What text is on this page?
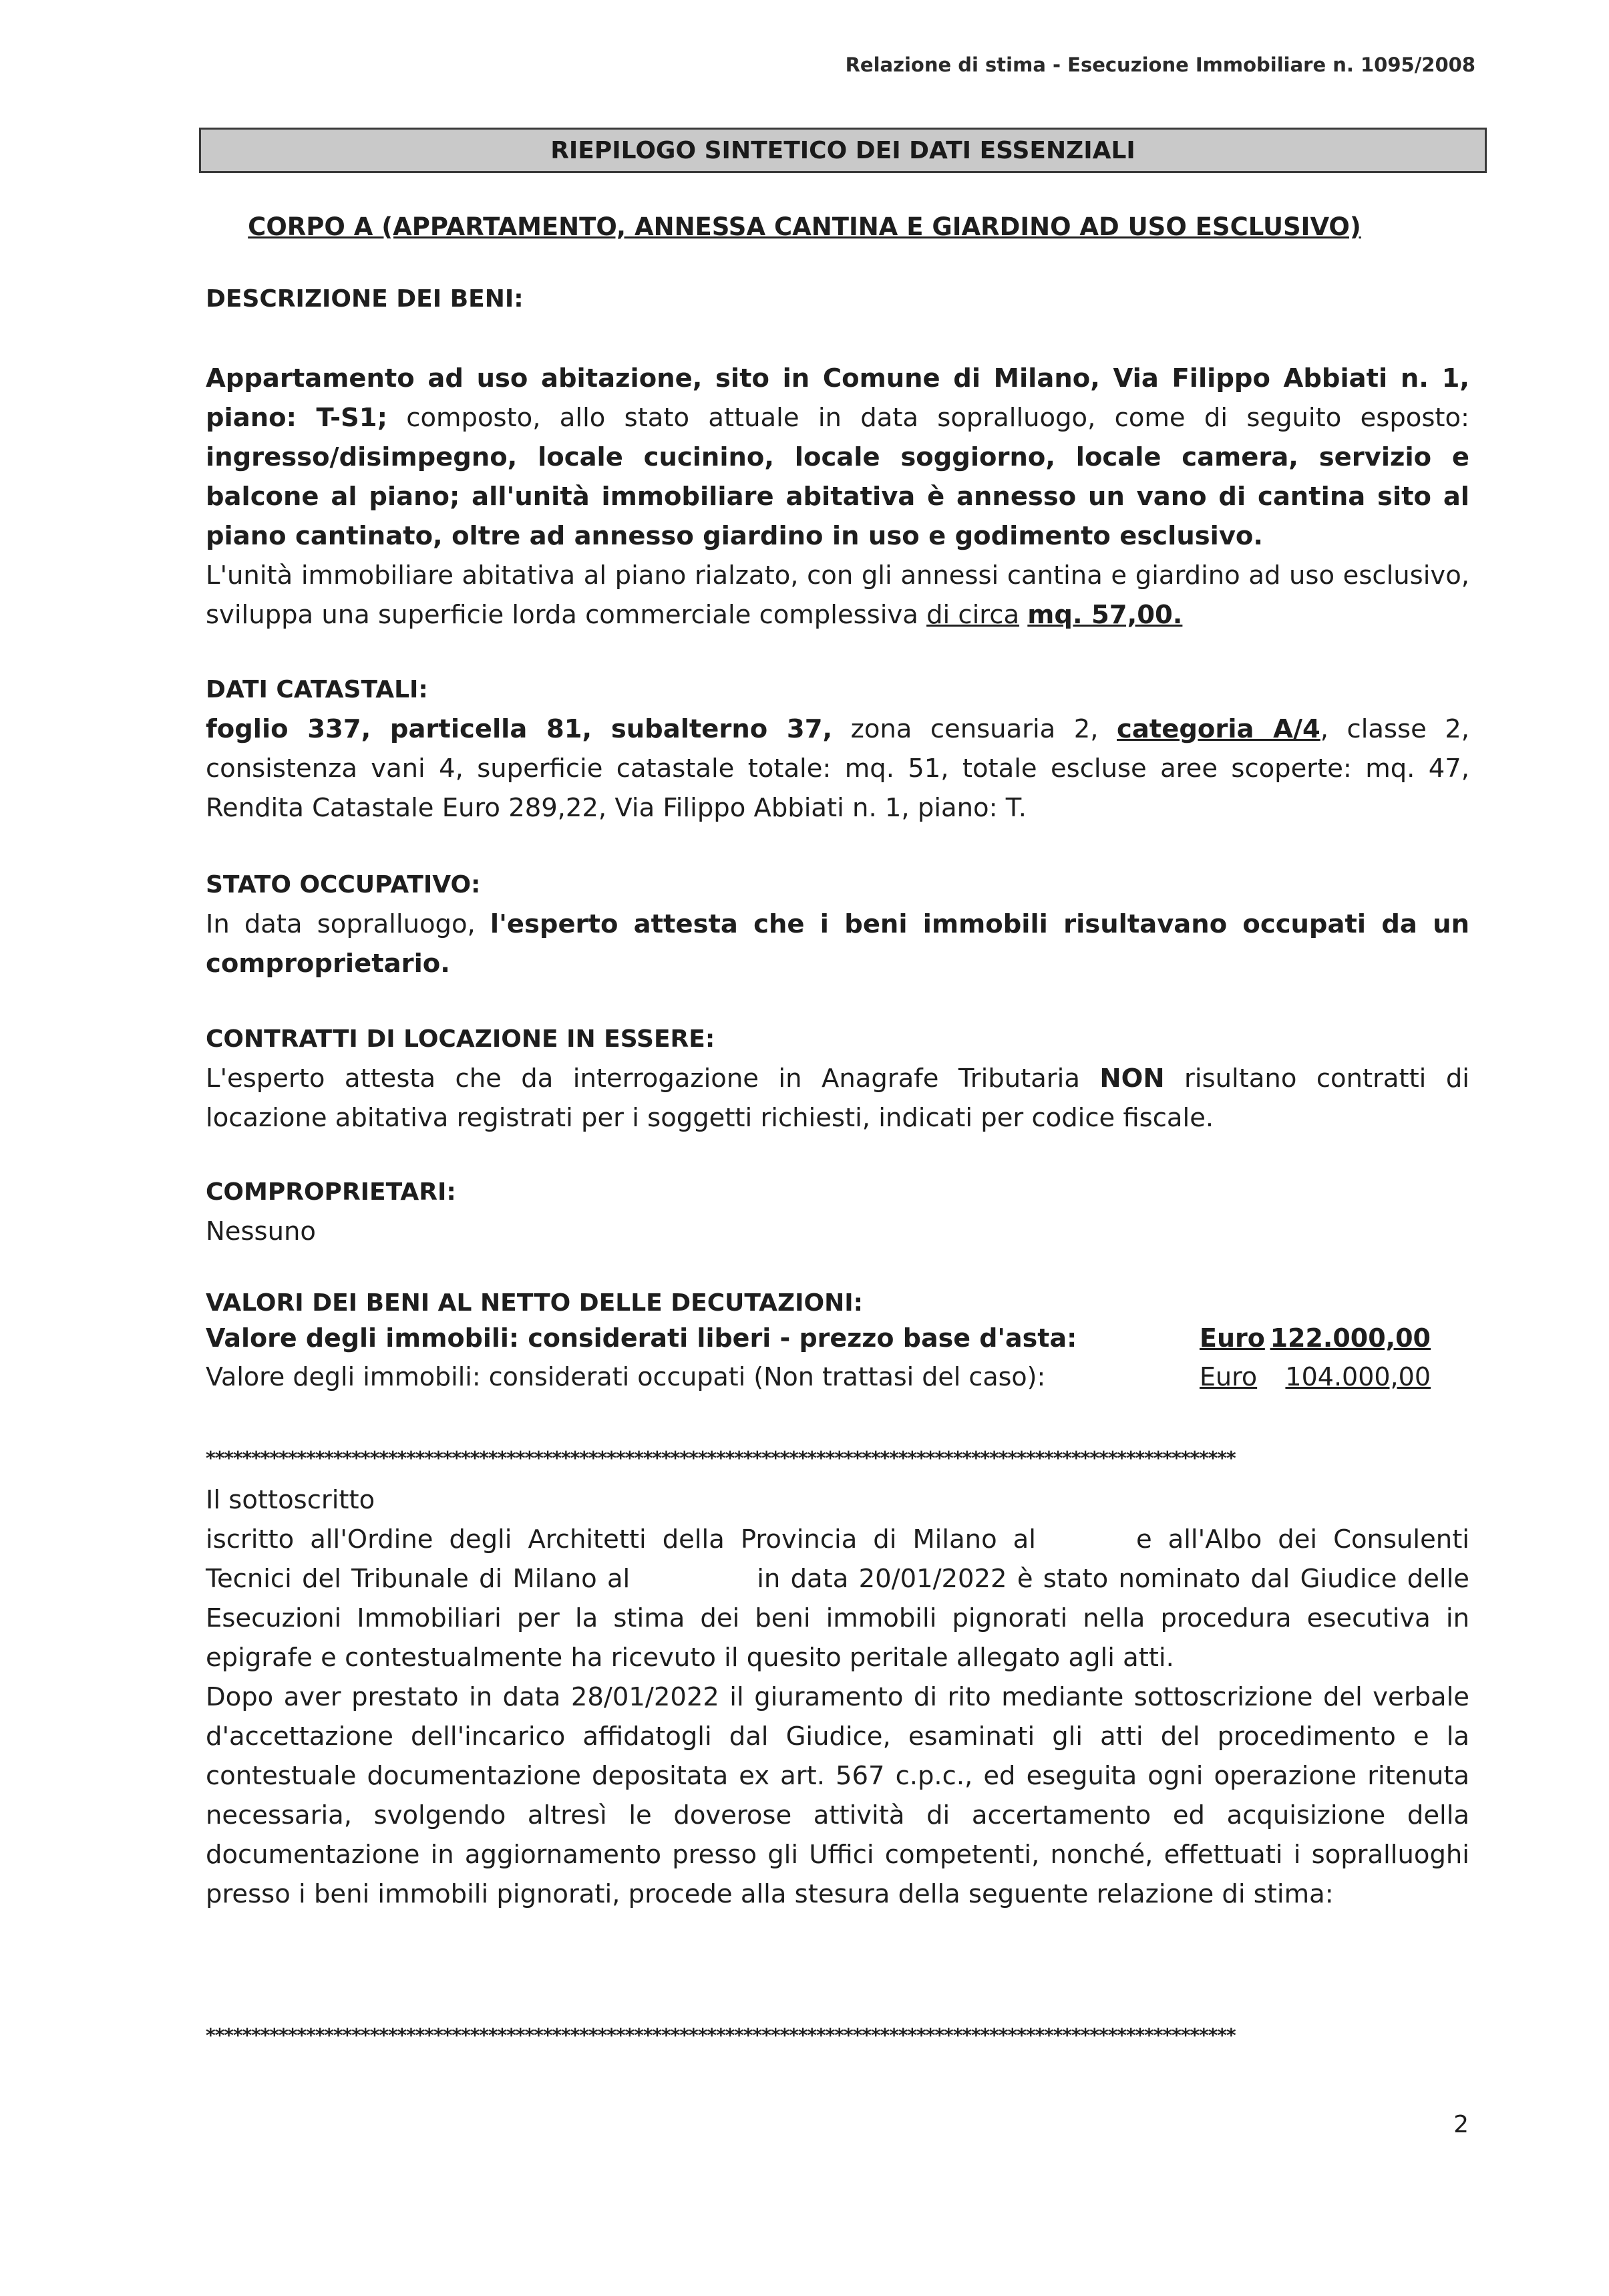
Relazione di stima - Esecuzione Immobiliare n. 1095/2008
RIEPILOGO SINTETICO DEI DATI ESSENZIALI
CORPO A (APPARTAMENTO, ANNESSA CANTINA E GIARDINO AD USO ESCLUSIVO)
DESCRIZIONE DEI BENI:

Appartamento ad uso abitazione, sito in Comune di Milano, Via Filippo Abbiati n. 1, piano: T-S1; composto, allo stato attuale in data sopralluogo, come di seguito esposto: ingresso/disimpegno, locale cucinino, locale soggiorno, locale camera, servizio e balcone al piano; all'unità immobiliare abitativa è annesso un vano di cantina sito al piano cantinato, oltre ad annesso giardino in uso e godimento esclusivo.

L'unità immobiliare abitativa al piano rialzato, con gli annessi cantina e giardino ad uso esclusivo, sviluppa una superficie lorda commerciale complessiva di circa mq. 57,00.

DATI CATASTALI:

foglio 337, particella 81, subalterno 37, zona censuaria 2, categoria A/4, classe 2, consistenza vani 4, superficie catastale totale: mq. 51, totale escluse aree scoperte: mq. 47, Rendita Catastale Euro 289,22, Via Filippo Abbiati n. 1, piano: T.

STATO OCCUPATIVO:

In data sopralluogo, l'esperto attesta che i beni immobili risultavano occupati da un comproprietario.

CONTRATTI DI LOCAZIONE IN ESSERE:

L'esperto attesta che da interrogazione in Anagrafe Tributaria NON risultano contratti di locazione abitativa registrati per i soggetti richiesti, indicati per codice fiscale.

COMPROPRIETARI:

Nessuno

VALORI DEI BENI AL NETTO DELLE DECUTAZIONI:
Valore degli immobili: considerati liberi - prezzo base d'asta:	Euro 122.000,00
Valore degli immobili: considerati occupati (Non trattasi del caso):	Euro 104.000,00
*****************************************************************************************************************

Il sottoscritto

iscritto all'Ordine degli Architetti della Provincia di Milano al	e all'Albo dei Consulenti Tecnici del Tribunale di Milano al	in data 20/01/2022 è stato nominato dal Giudice delle Esecuzioni Immobiliari per la stima dei beni immobili pignorati nella procedura esecutiva in epigrafe e contestualmente ha ricevuto il quesito peritale allegato agli atti.

Dopo aver prestato in data 28/01/2022 il giuramento di rito mediante sottoscrizione del verbale d'accettazione dell'incarico affidatogli dal Giudice, esaminati gli atti del procedimento e la contestuale documentazione depositata ex art. 567 c.p.c., ed eseguita ogni operazione ritenuta necessaria, svolgendo altresì le doverose attività di accertamento ed acquisizione della documentazione in aggiornamento presso gli Uffici competenti, nonché, effettuati i sopralluoghi presso i beni immobili pignorati, procede alla stesura della seguente relazione di stima:

*****************************************************************************************************************
2
